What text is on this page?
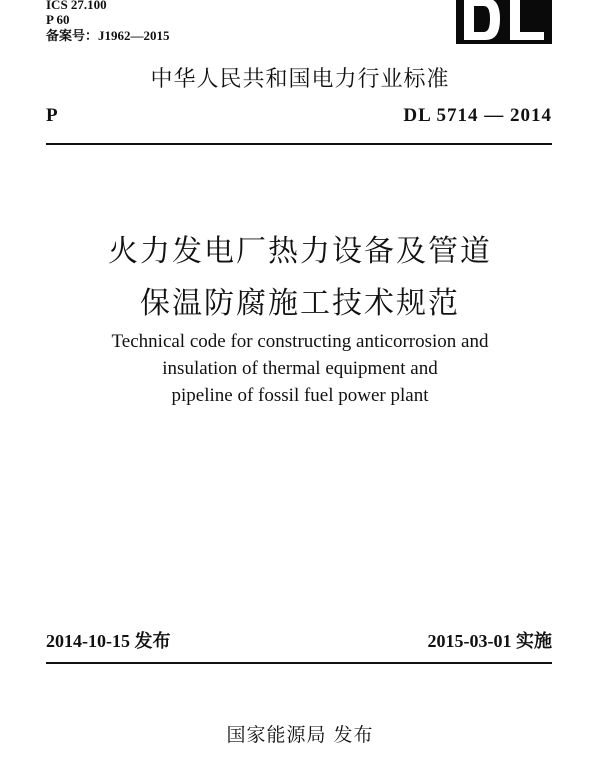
ICS 27.100
P 60
备案号：J1962—2015
中华人民共和国电力行业标准
P	DL 5714 — 2014
火力发电厂热力设备及管道
保温防腐施工技术规范
Technical code for constructing anticorrosion and
insulation of thermal equipment and
pipeline of fossil fuel power plant
2014-10-15 发布	2015-03-01 实施
国家能源局 发布
